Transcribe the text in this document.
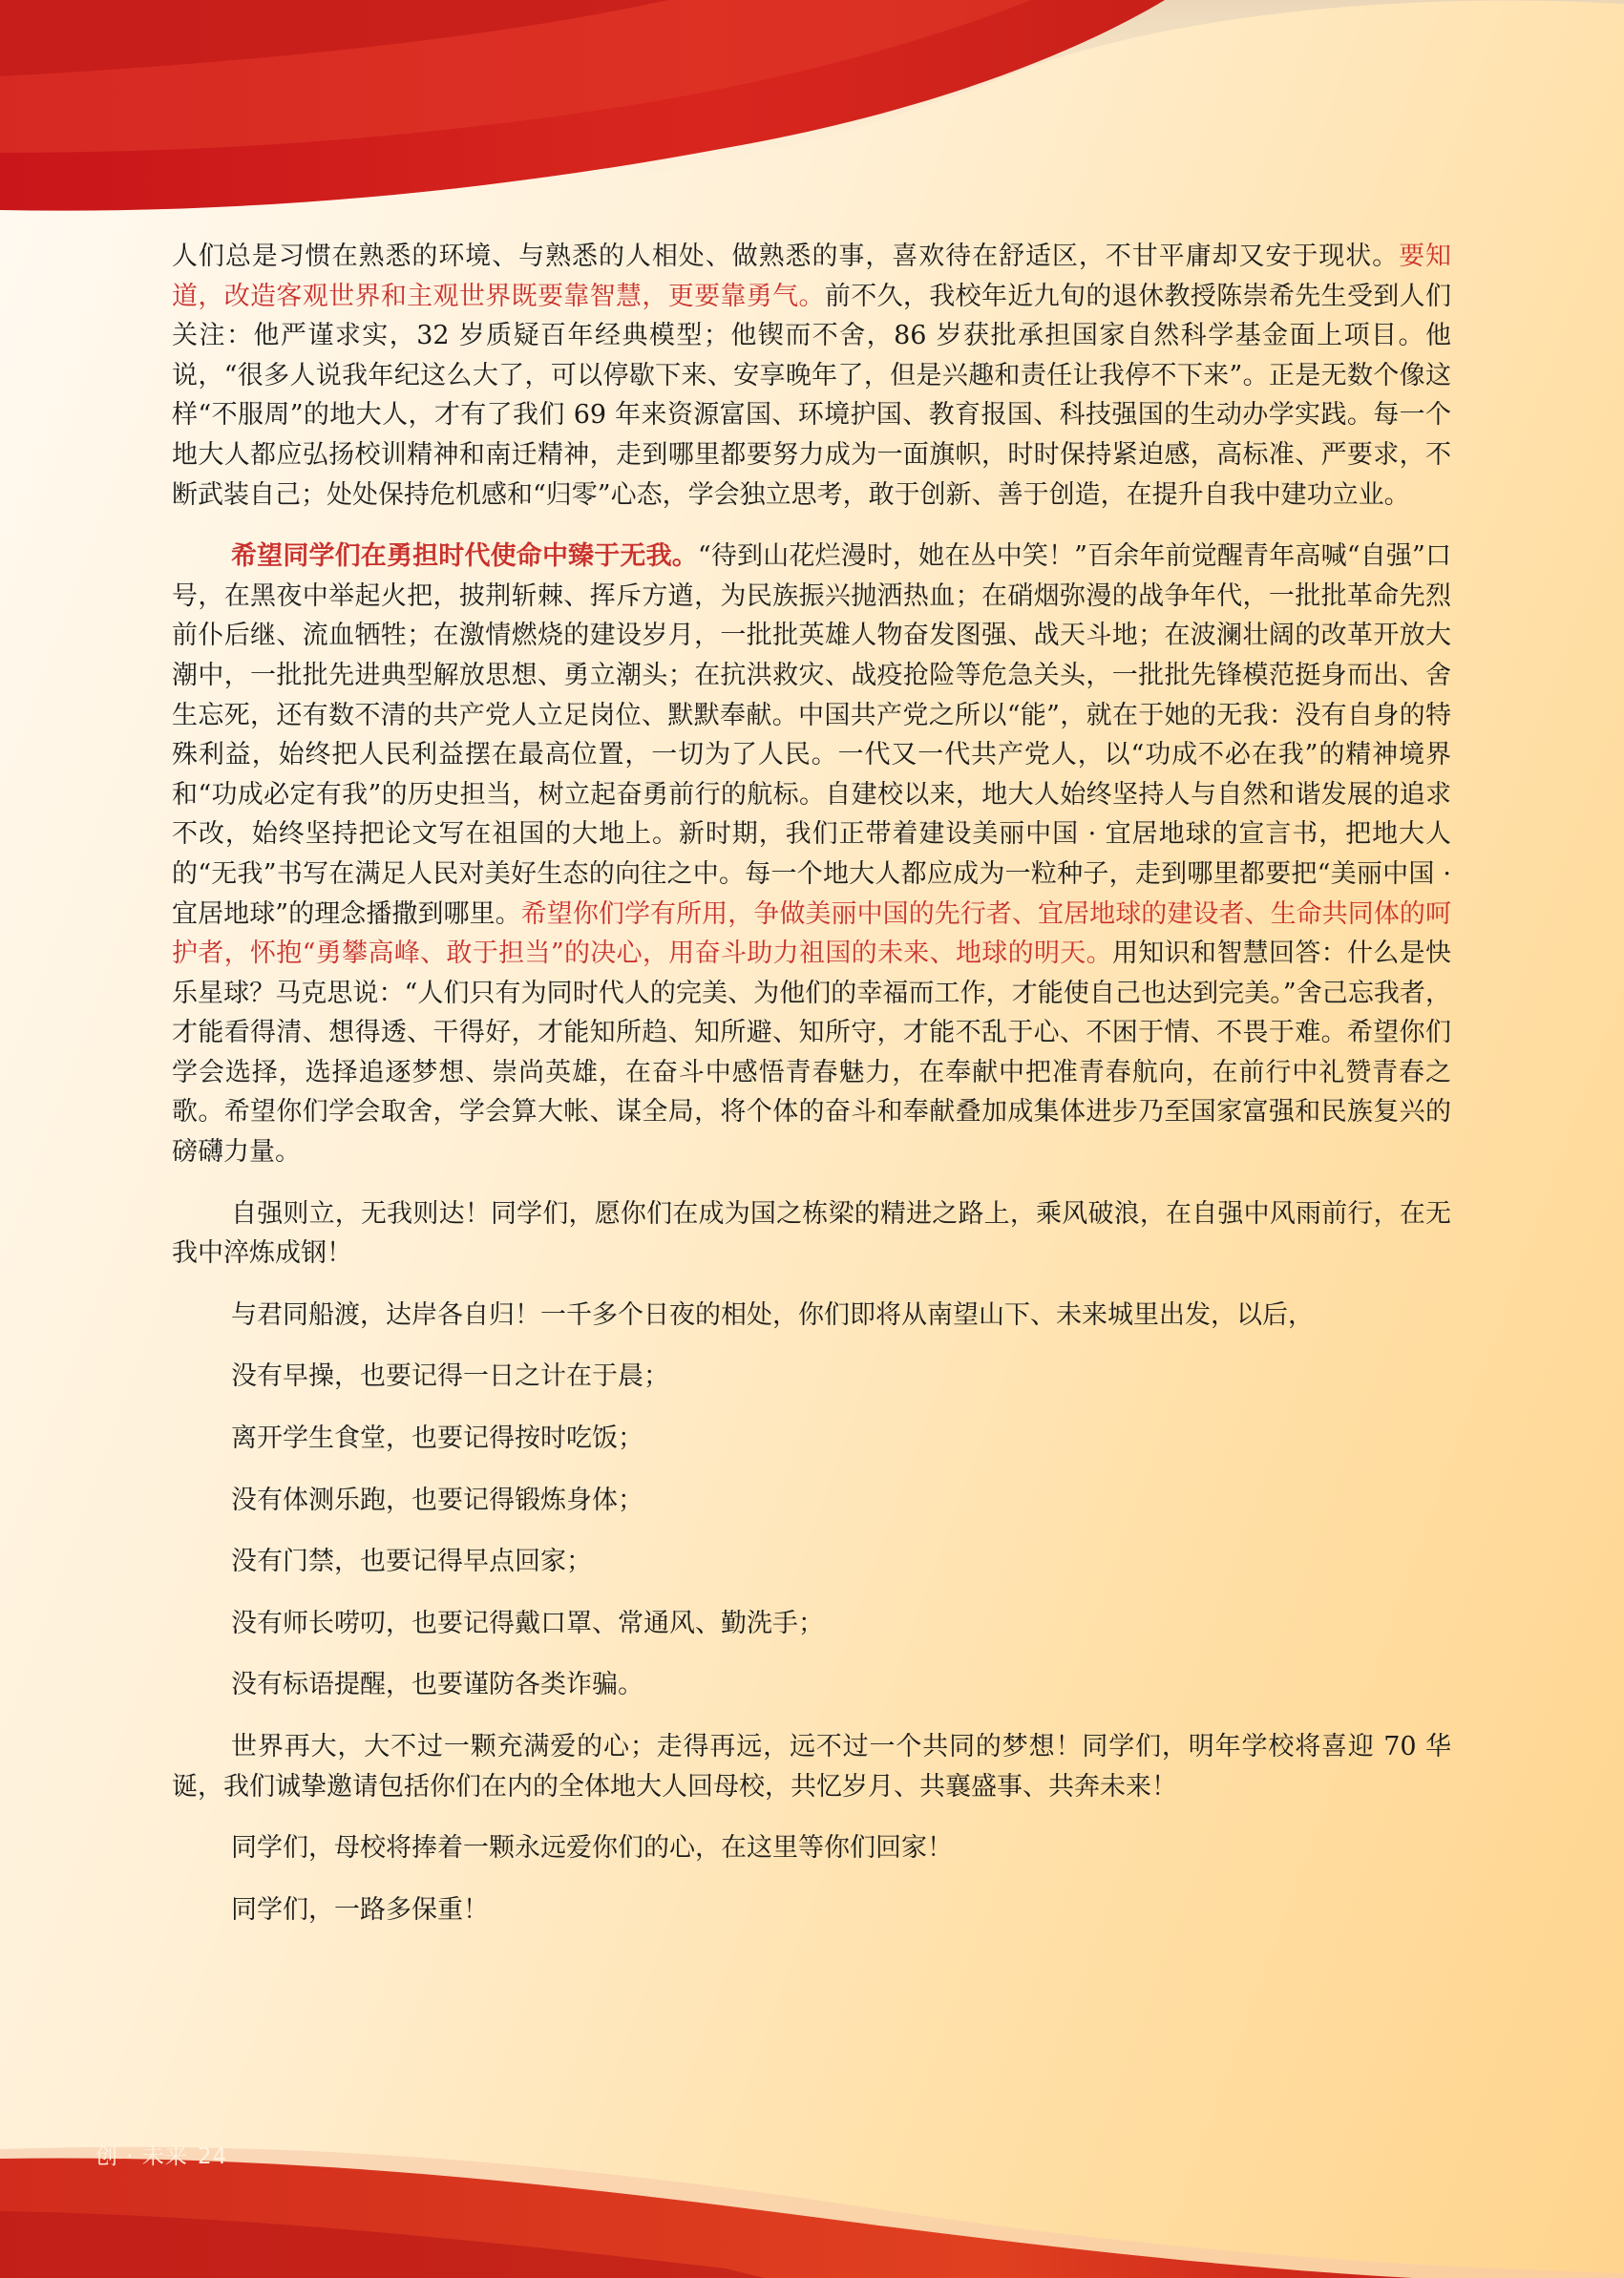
人们总是习惯在熟悉的环境、与熟悉的人相处、做熟悉的事，喜欢待在舒适区，不甘平庸却又安于现状。要知道，改造客观世界和主观世界既要靠智慧，更要靠勇气。前不久，我校年近九旬的退休教授陈崇希先生受到人们关注：他严谨求实，32 岁质疑百年经典模型；他锲而不舍，86 岁获批承担国家自然科学基金面上项目。他说，“很多人说我年纪这么大了，可以停歇下来、安享晚年了，但是兴趣和责任让我停不下来”。正是无数个像这样“不服周”的地大人，才有了我们 69 年来资源富国、环境护国、教育报国、科技强国的生动办学实践。每一个地大人都应弘扬校训精神和南迁精神，走到哪里都要努力成为一面旗帜，时时保持紧迫感，高标准、严要求，不断武装自己；处处保持危机感和“归零”心态，学会独立思考，敢于创新、善于创造，在提升自我中建功立业。

希望同学们在勇担时代使命中臻于无我。“待到山花烂漫时，她在丛中笑！”百余年前觉醒青年高喊“自强”口号，在黑夜中举起火把，披荆斩棘、挥斥方遒，为民族振兴抛洒热血；在硝烟弥漫的战争年代，一批批革命先烈前仆后继、流血牺牲；在激情燃烧的建设岁月，一批批英雄人物奋发图强、战天斗地；在波澜壮阔的改革开放大潮中，一批批先进典型解放思想、勇立潮头；在抗洪救灾、战疫抢险等危急关头，一批批先锋模范挺身而出、舍生忘死，还有数不清的共产党人立足岗位、默默奉献。中国共产党之所以“能”，就在于她的无我：没有自身的特殊利益，始终把人民利益摆在最高位置，一切为了人民。一代又一代共产党人，以“功成不必在我”的精神境界和“功成必定有我”的历史担当，树立起奋勇前行的航标。自建校以来，地大人始终坚持人与自然和谐发展的追求不改，始终坚持把论文写在祖国的大地上。新时期，我们正带着建设美丽中国 · 宜居地球的宣言书，把地大人的“无我”书写在满足人民对美好生态的向往之中。每一个地大人都应成为一粒种子，走到哪里都要把“美丽中国 · 宜居地球”的理念播撒到哪里。希望你们学有所用，争做美丽中国的先行者、宜居地球的建设者、生命共同体的呵护者，怀抱“勇攀高峰、敢于担当”的决心，用奋斗助力祖国的未来、地球的明天。用知识和智慧回答：什么是快乐星球？马克思说：“人们只有为同时代人的完美、为他们的幸福而工作，才能使自己也达到完美。”舍己忘我者，才能看得清、想得透、干得好，才能知所趋、知所避、知所守，才能不乱于心、不困于情、不畏于难。希望你们学会选择，选择追逐梦想、崇尚英雄，在奋斗中感悟青春魅力，在奉献中把准青春航向，在前行中礼赞青春之歌。希望你们学会取舍，学会算大帐、谋全局，将个体的奋斗和奉献叠加成集体进步乃至国家富强和民族复兴的磅礴力量。

自强则立，无我则达！同学们，愿你们在成为国之栋梁的精进之路上，乘风破浪，在自强中风雨前行，在无我中淬炼成钢！

与君同船渡，达岸各自归！一千多个日夜的相处，你们即将从南望山下、未来城里出发，以后，

没有早操，也要记得一日之计在于晨；

离开学生食堂，也要记得按时吃饭；

没有体测乐跑，也要记得锻炼身体；

没有门禁，也要记得早点回家；

没有师长唠叨，也要记得戴口罩、常通风、勤洗手；

没有标语提醒，也要谨防各类诈骗。

世界再大，大不过一颗充满爱的心；走得再远，远不过一个共同的梦想！同学们，明年学校将喜迎 70 华诞，我们诚挚邀请包括你们在内的全体地大人回母校，共忆岁月、共襄盛事、共奔未来！

同学们，母校将捧着一颗永远爱你们的心，在这里等你们回家！

同学们，一路多保重！

创 · 未来 24
